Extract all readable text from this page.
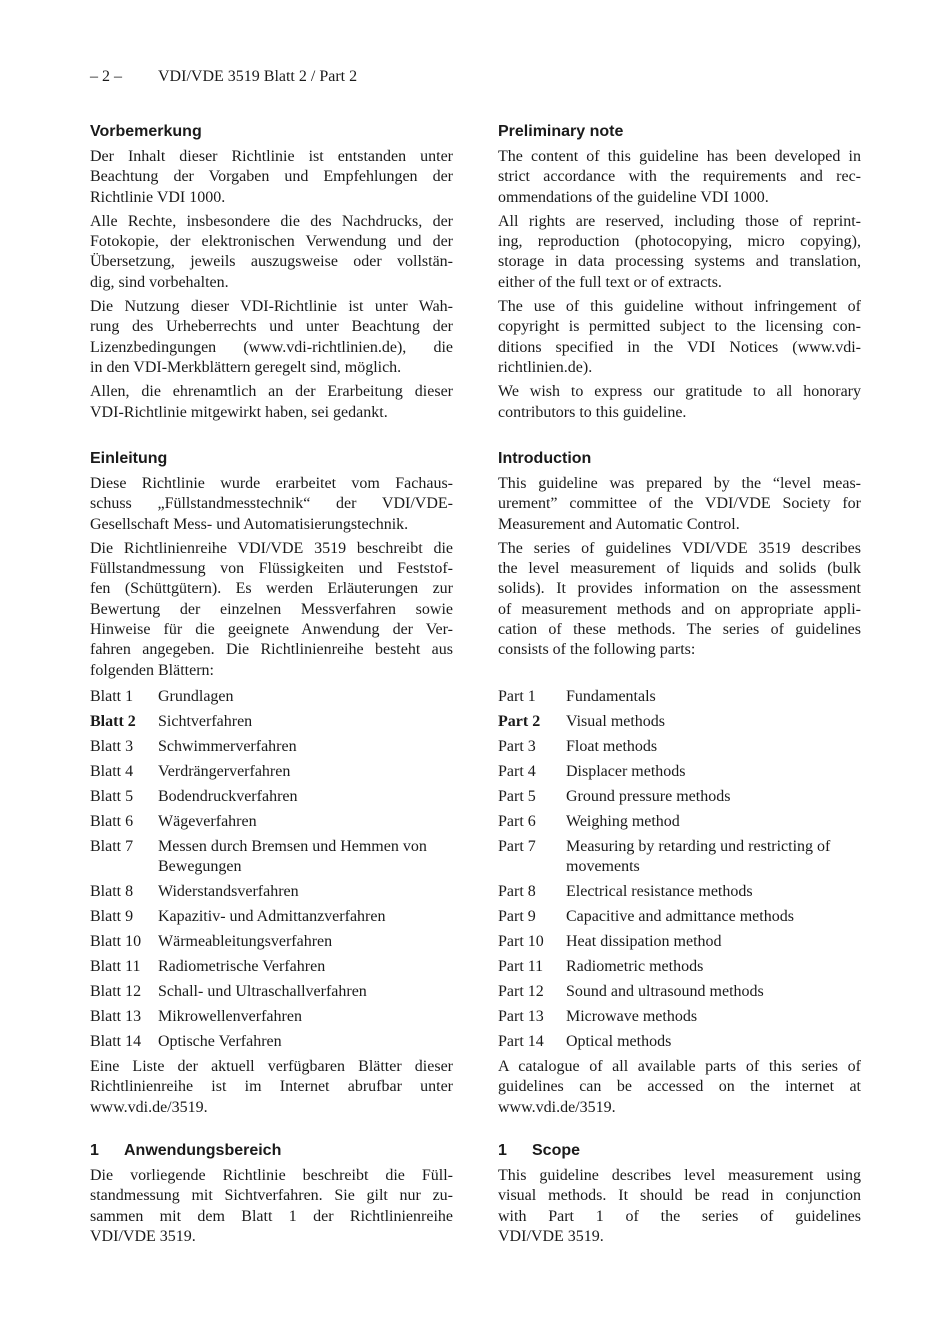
– 2 – VDI/VDE 3519 Blatt 2 / Part 2
Vorbemerkung
Der Inhalt dieser Richtlinie ist entstanden unter
Beachtung der Vorgaben und Empfehlungen der
Richtlinie VDI 1000.
Alle Rechte, insbesondere die des Nachdrucks, der
Fotokopie, der elektronischen Verwendung und der
Übersetzung, jeweils auszugsweise oder vollstän-
dig, sind vorbehalten.
Die Nutzung dieser VDI-Richtlinie ist unter Wah-
rung des Urheberrechts und unter Beachtung der
Lizenzbedingungen (www.vdi-richtlinien.de), die
in den VDI-Merkblättern geregelt sind, möglich.
Allen, die ehrenamtlich an der Erarbeitung dieser
VDI-Richtlinie mitgewirkt haben, sei gedankt.
Einleitung
Diese Richtlinie wurde erarbeitet vom Fachaus-
schuss „Füllstandmesstechnik“ der VDI/VDE-
Gesellschaft Mess- und Automatisierungstechnik.
Die Richtlinienreihe VDI/VDE 3519 beschreibt die
Füllstandmessung von Flüssigkeiten und Feststof-
fen (Schüttgütern). Es werden Erläuterungen zur
Bewertung der einzelnen Messverfahren sowie
Hinweise für die geeignete Anwendung der Ver-
fahren angegeben. Die Richtlinienreihe besteht aus
folgenden Blättern:
Blatt 1	Grundlagen
Blatt 2	Sichtverfahren
Blatt 3	Schwimmerverfahren
Blatt 4	Verdrängerverfahren
Blatt 5	Bodendruckverfahren
Blatt 6	Wägeverfahren
Blatt 7	Messen durch Bremsen und Hemmen von Bewegungen
Blatt 8	Widerstandsverfahren
Blatt 9	Kapazitiv- und Admittanzverfahren
Blatt 10	Wärmeableitungsverfahren
Blatt 11	Radiometrische Verfahren
Blatt 12	Schall- und Ultraschallverfahren
Blatt 13	Mikrowellenverfahren
Blatt 14	Optische Verfahren
Eine Liste der aktuell verfügbaren Blätter dieser
Richtlinienreihe ist im Internet abrufbar unter
www.vdi.de/3519.
1 Anwendungsbereich
Die vorliegende Richtlinie beschreibt die Füll-
standmessung mit Sichtverfahren. Sie gilt nur zu-
sammen mit dem Blatt 1 der Richtlinienreihe
VDI/VDE 3519.
Preliminary note
The content of this guideline has been developed in
strict accordance with the requirements and rec-
ommendations of the guideline VDI 1000.
All rights are reserved, including those of reprint-
ing, reproduction (photocopying, micro copying),
storage in data processing systems and translation,
either of the full text or of extracts.
The use of this guideline without infringement of
copyright is permitted subject to the licensing con-
ditions specified in the VDI Notices (www.vdi-
richtlinien.de).
We wish to express our gratitude to all honorary
contributors to this guideline.
Introduction
This guideline was prepared by the “level meas-
urement” committee of the VDI/VDE Society for
Measurement and Automatic Control.
The series of guidelines VDI/VDE 3519 describes
the level measurement of liquids and solids (bulk
solids). It provides information on the assessment
of measurement methods and on appropriate appli-
cation of these methods. The series of guidelines
consists of the following parts:
Part 1	Fundamentals
Part 2	Visual methods
Part 3	Float methods
Part 4	Displacer methods
Part 5	Ground pressure methods
Part 6	Weighing method
Part 7	Measuring by retarding und restricting of movements
Part 8	Electrical resistance methods
Part 9	Capacitive and admittance methods
Part 10	Heat dissipation method
Part 11	Radiometric methods
Part 12	Sound and ultrasound methods
Part 13	Microwave methods
Part 14	Optical methods
A catalogue of all available parts of this series of
guidelines can be accessed on the internet at
www.vdi.de/3519.
1 Scope
This guideline describes level measurement using
visual methods. It should be read in conjunction
with Part 1 of the series of guidelines
VDI/VDE 3519.
